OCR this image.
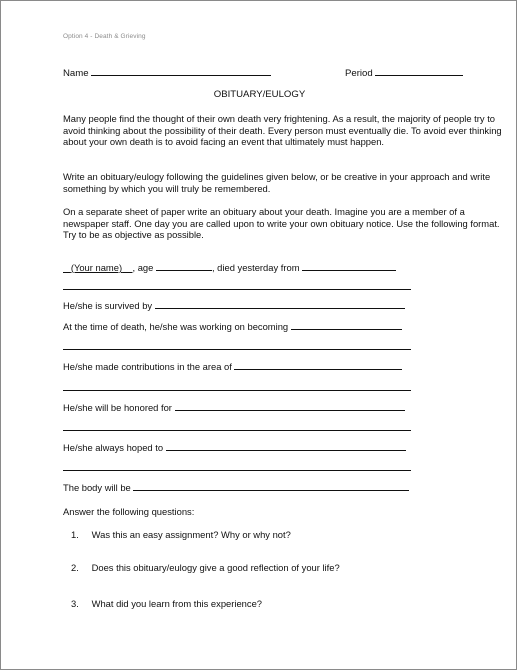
Option 4 - Death & Grieving
Name	Period
OBITUARY/EULOGY
Many people find the thought of their own death very frightening. As a result, the majority of people try to avoid thinking about the possibility of their death. Every person must eventually die. To avoid ever thinking about your own death is to avoid facing an event that ultimately must happen.
Write an obituary/eulogy following the guidelines given below, or be creative in your approach and write something by which you will truly be remembered.
On a separate sheet of paper write an obituary about your death. Imagine you are a member of a newspaper staff. One day you are called upon to write your own obituary notice. Use the following format. Try to be as objective as possible.
(Your name) , age	, died yesterday from
He/she is survived by
At the time of death, he/she was working on becoming
He/she made contributions in the area of
He/she will be honored for
He/she always hoped to
The body will be
Answer the following questions:
1. Was this an easy assignment? Why or why not?
2. Does this obituary/eulogy give a good reflection of your life?
3. What did you learn from this experience?
